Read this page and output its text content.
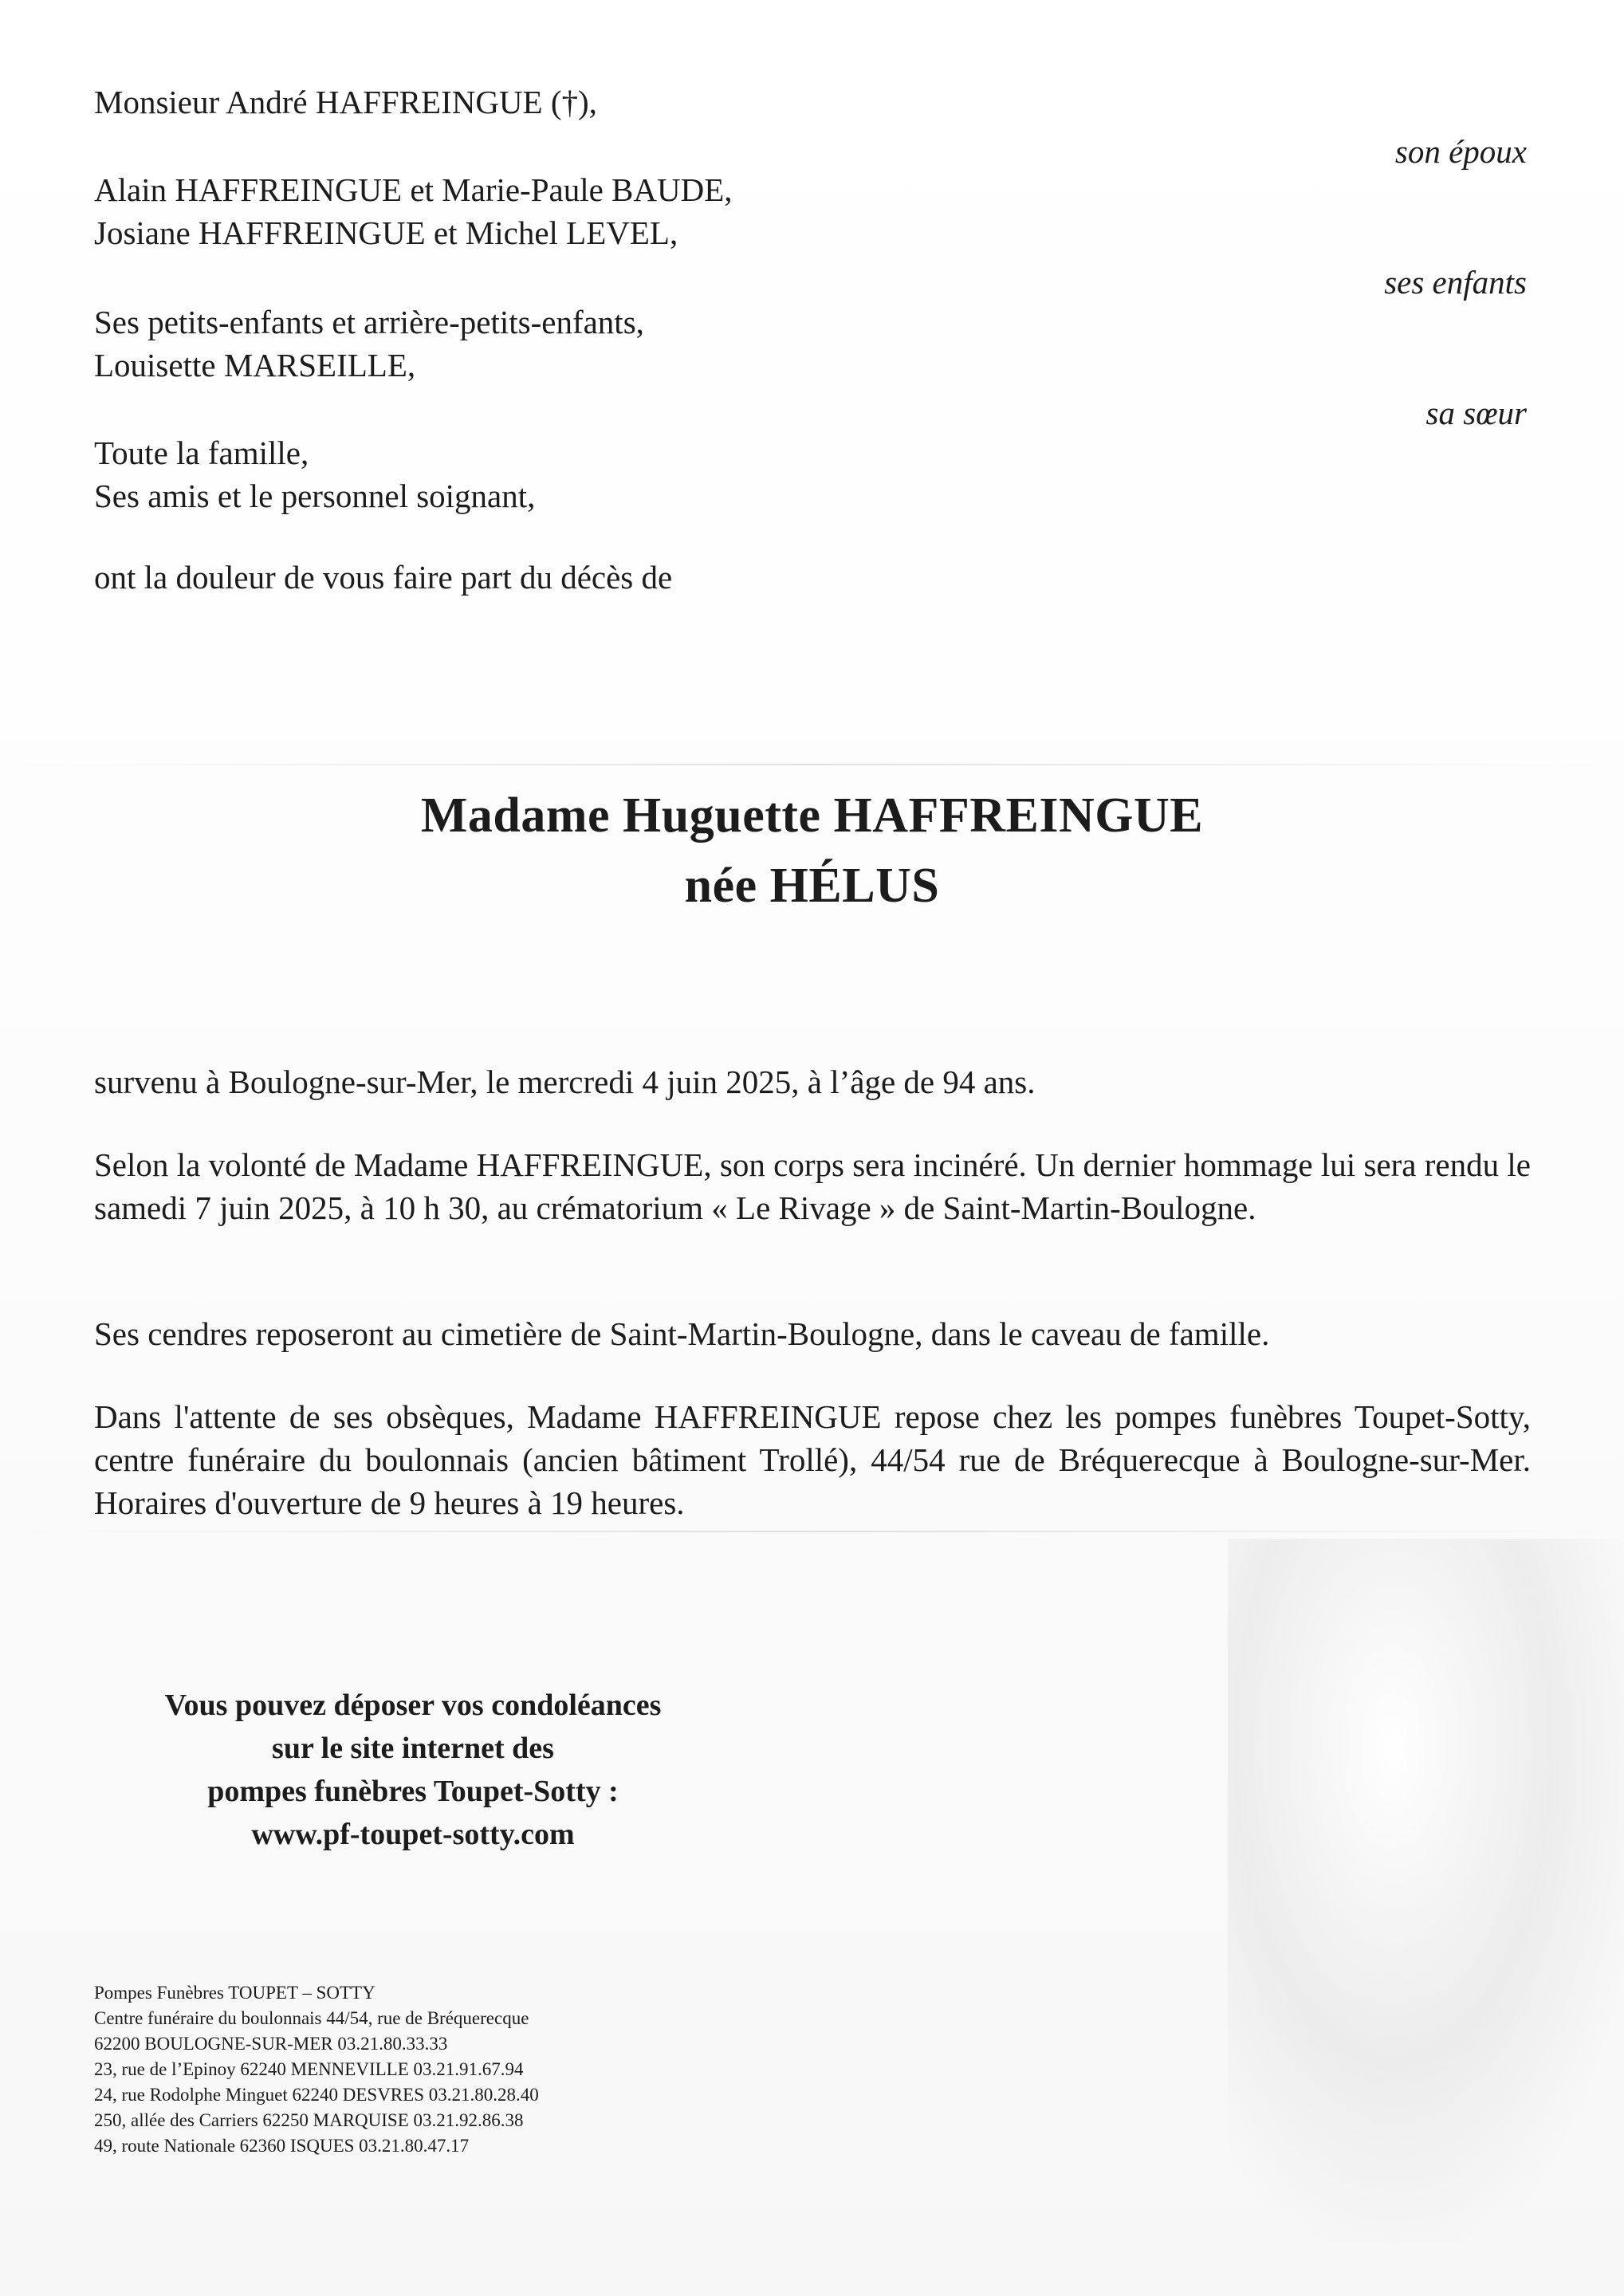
Monsieur André HAFFREINGUE (†),
son époux
Alain HAFFREINGUE et Marie-Paule BAUDE,
Josiane HAFFREINGUE et Michel LEVEL,
ses enfants
Ses petits-enfants et arrière-petits-enfants,
Louisette MARSEILLE,
sa sœur
Toute la famille,
Ses amis et le personnel soignant,
ont la douleur de vous faire part du décès de
Madame Huguette HAFFREINGUE
née HÉLUS
survenu à Boulogne-sur-Mer, le mercredi 4 juin 2025, à l’âge de 94 ans.
Selon la volonté de Madame HAFFREINGUE, son corps sera incinéré. Un dernier hommage lui sera rendu le samedi 7 juin 2025, à 10 h 30, au crématorium « Le Rivage » de Saint-Martin-Boulogne.
Ses cendres reposeront au cimetière de Saint-Martin-Boulogne, dans le caveau de famille.
Dans l'attente de ses obsèques, Madame HAFFREINGUE repose chez les pompes funèbres Toupet-Sotty, centre funéraire du boulonnais (ancien bâtiment Trollé), 44/54 rue de Bréquerecque à Boulogne-sur-Mer. Horaires d'ouverture de 9 heures à 19 heures.
Vous pouvez déposer vos condoléances
sur le site internet des
pompes funèbres Toupet-Sotty :
www.pf-toupet-sotty.com
Pompes Funèbres TOUPET – SOTTY
Centre funéraire du boulonnais 44/54, rue de Bréquerecque
62200 BOULOGNE-SUR-MER 03.21.80.33.33
23, rue de l’Epinoy 62240 MENNEVILLE 03.21.91.67.94
24, rue Rodolphe Minguet 62240 DESVRES 03.21.80.28.40
250, allée des Carriers 62250 MARQUISE 03.21.92.86.38
49, route Nationale 62360 ISQUES 03.21.80.47.17
